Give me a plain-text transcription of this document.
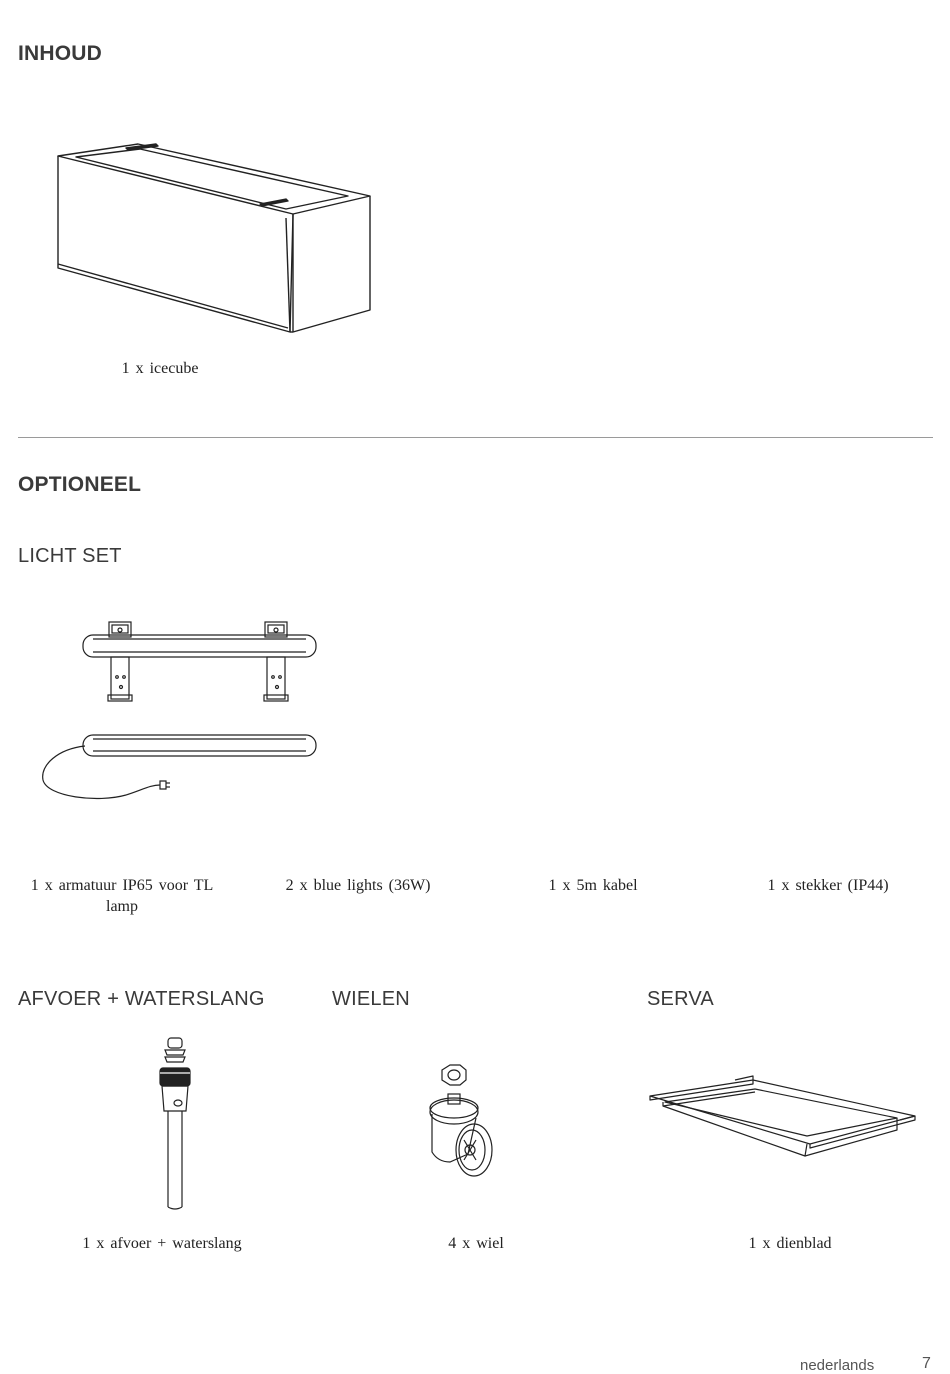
INHOUD
1 x icecube
OPTIONEEL
LICHT SET
1 x armatuur IP65 voor TL lamp
2 x blue lights (36W)	1 x 5m kabel	1 x stekker (IP44)
AFVOER + WATERSLANG	WIELEN	SERVA
1 x afvoer + waterslang	4 x wiel	1 x dienblad
nederlands	7
